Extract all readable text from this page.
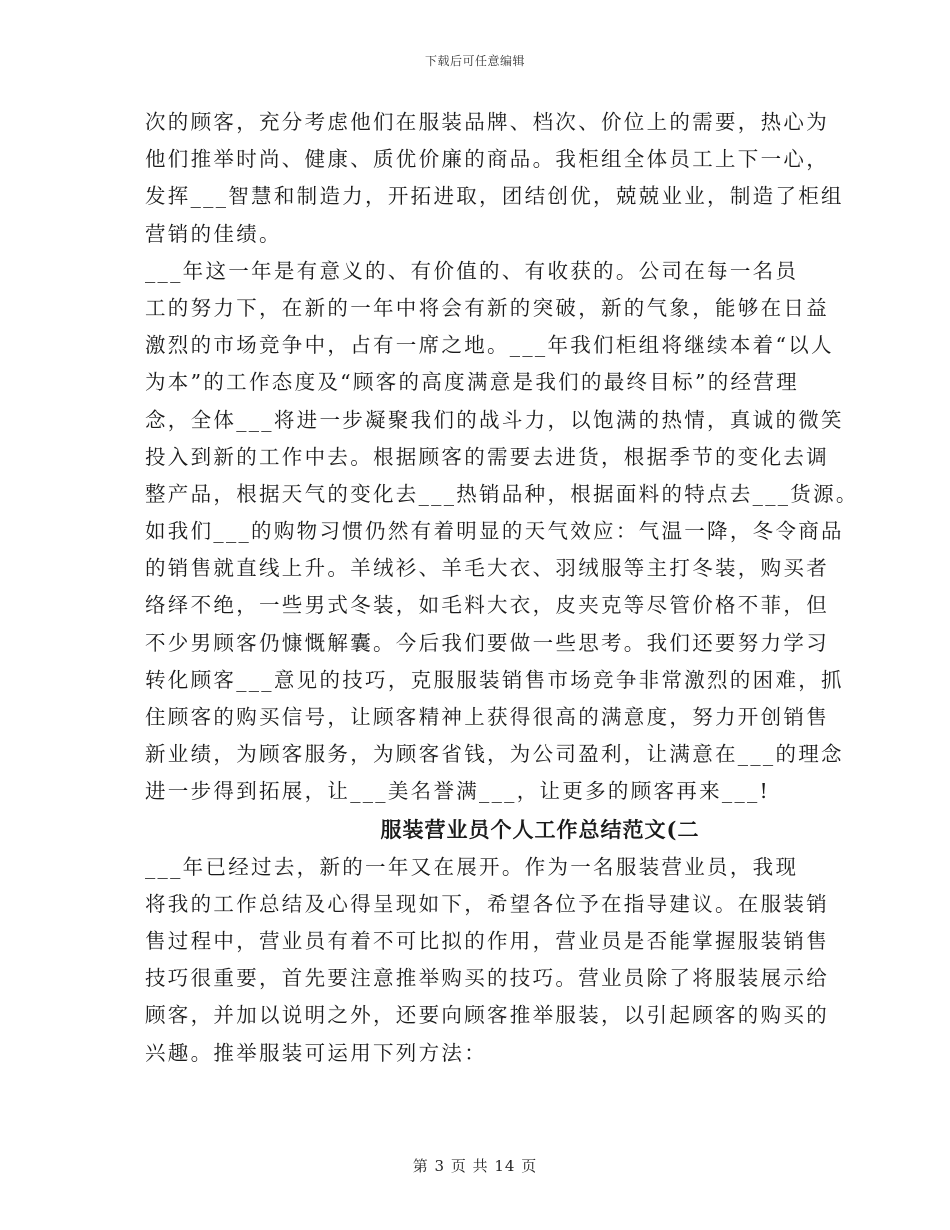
下载后可任意编辑
次的顾客，充分考虑他们在服装品牌、档次、价位上的需要，热心为
他们推举时尚、健康、质优价廉的商品。我柜组全体员工上下一心，
发挥___智慧和制造力，开拓进取，团结创优，兢兢业业，制造了柜组
营销的佳绩。
___年这一年是有意义的、有价值的、有收获的。公司在每一名员
工的努力下，在新的一年中将会有新的突破，新的气象，能够在日益
激烈的市场竞争中，占有一席之地。___年我们柜组将继续本着“以人
为本”的工作态度及“顾客的高度满意是我们的最终目标”的经营理
念，全体___将进一步凝聚我们的战斗力，以饱满的热情，真诚的微笑
投入到新的工作中去。根据顾客的需要去进货，根据季节的变化去调
整产品，根据天气的变化去___热销品种，根据面料的特点去___货源。
如我们___的购物习惯仍然有着明显的天气效应：气温一降，冬令商品
的销售就直线上升。羊绒衫、羊毛大衣、羽绒服等主打冬装，购买者
络绎不绝，一些男式冬装，如毛料大衣，皮夹克等尽管价格不菲，但
不少男顾客仍慷慨解囊。今后我们要做一些思考。我们还要努力学习
转化顾客___意见的技巧，克服服装销售市场竞争非常激烈的困难，抓
住顾客的购买信号，让顾客精神上获得很高的满意度，努力开创销售
新业绩，为顾客服务，为顾客省钱，为公司盈利，让满意在___的理念
进一步得到拓展，让___美名誉满___，让更多的顾客再来___!
服装营业员个人工作总结范文(二
___年已经过去，新的一年又在展开。作为一名服装营业员，我现
将我的工作总结及心得呈现如下，希望各位予在指导建议。在服装销
售过程中，营业员有着不可比拟的作用，营业员是否能掌握服装销售
技巧很重要，首先要注意推举购买的技巧。营业员除了将服装展示给
顾客，并加以说明之外，还要向顾客推举服装，以引起顾客的购买的
兴趣。推举服装可运用下列方法：
第 3 页 共 14 页
